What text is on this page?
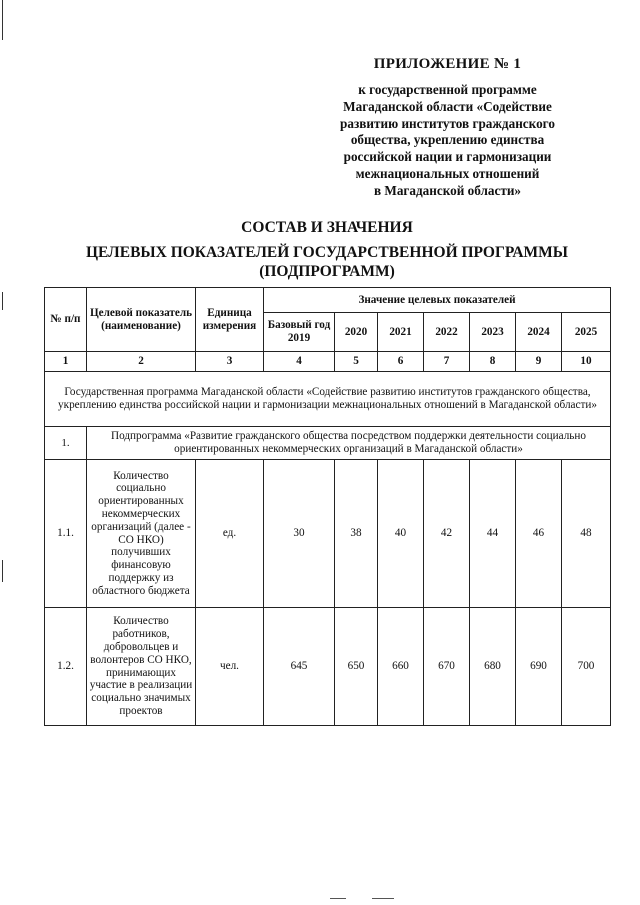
ПРИЛОЖЕНИЕ № 1
к государственной программе
Магаданской области «Содействие
развитию институтов гражданского
общества, укреплению единства
российской нации и гармонизации
межнациональных отношений
в Магаданской области»
СОСТАВ И ЗНАЧЕНИЯ
ЦЕЛЕВЫХ ПОКАЗАТЕЛЕЙ ГОСУДАРСТВЕННОЙ ПРОГРАММЫ
(ПОДПРОГРАММ)
№ п/п	Целевой показатель (наименование)	Единица измерения	Значение целевых показателей						
			Базовый год 2019	2020	2021	2022	2023	2024	2025
1	2	3	4	5	6	7	8	9	10
Государственная программа Магаданской области «Содействие развитию институтов гражданского общества, укреплению единства российской нации и гармонизации межнациональных отношений в Магаданской области»									
1.	Подпрограмма «Развитие гражданского общества посредством поддержки деятельности социально ориентированных некоммерческих организаций в Магаданской области»								
1.1.	Количество социально ориентированных некоммерческих организаций (далее - СО НКО) получивших финансовую поддержку из областного бюджета	ед.	30	38	40	42	44	46	48
1.2.	Количество работников, добровольцев и волонтеров СО НКО, принимающих участие в реализации социально значимых проектов	чел.	645	650	660	670	680	690	700
